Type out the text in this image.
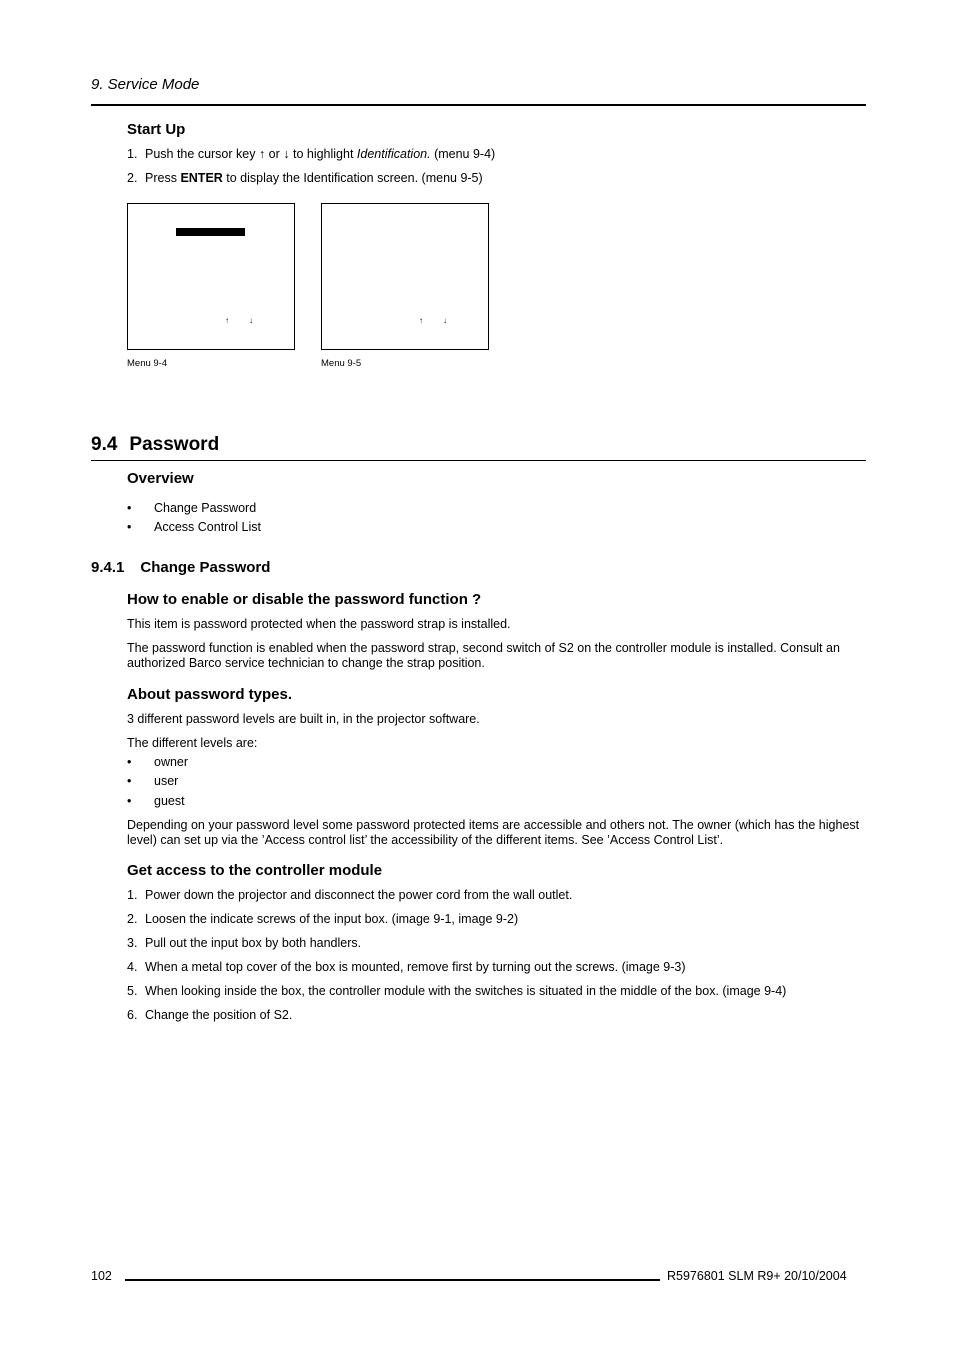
9. Service Mode
Start Up
1. Push the cursor key ↑ or ↓ to highlight Identification. (menu 9-4)
2. Press ENTER to display the Identification screen. (menu 9-5)
↑	↓
Menu 9-4
↑	↓
Menu 9-5
9.4 Password
Overview
• Change Password
• Access Control List
9.4.1 Change Password
How to enable or disable the password function ?
This item is password protected when the password strap is installed.
The password function is enabled when the password strap, second switch of S2 on the controller module is installed. Consult an authorized Barco service technician to change the strap position.
About password types.
3 different password levels are built in, in the projector software.
The different levels are:
• owner
• user
• guest
Depending on your password level some password protected items are accessible and others not. The owner (which has the highest level) can set up via the ’Access control list’ the accessibility of the different items. See ’Access Control List’.
Get access to the controller module
1. Power down the projector and disconnect the power cord from the wall outlet.
2. Loosen the indicate screws of the input box. (image 9-1, image 9-2)
3. Pull out the input box by both handlers.
4. When a metal top cover of the box is mounted, remove first by turning out the screws. (image 9-3)
5. When looking inside the box, the controller module with the switches is situated in the middle of the box. (image 9-4)
6. Change the position of S2.
102	R5976801 SLM R9+ 20/10/2004
